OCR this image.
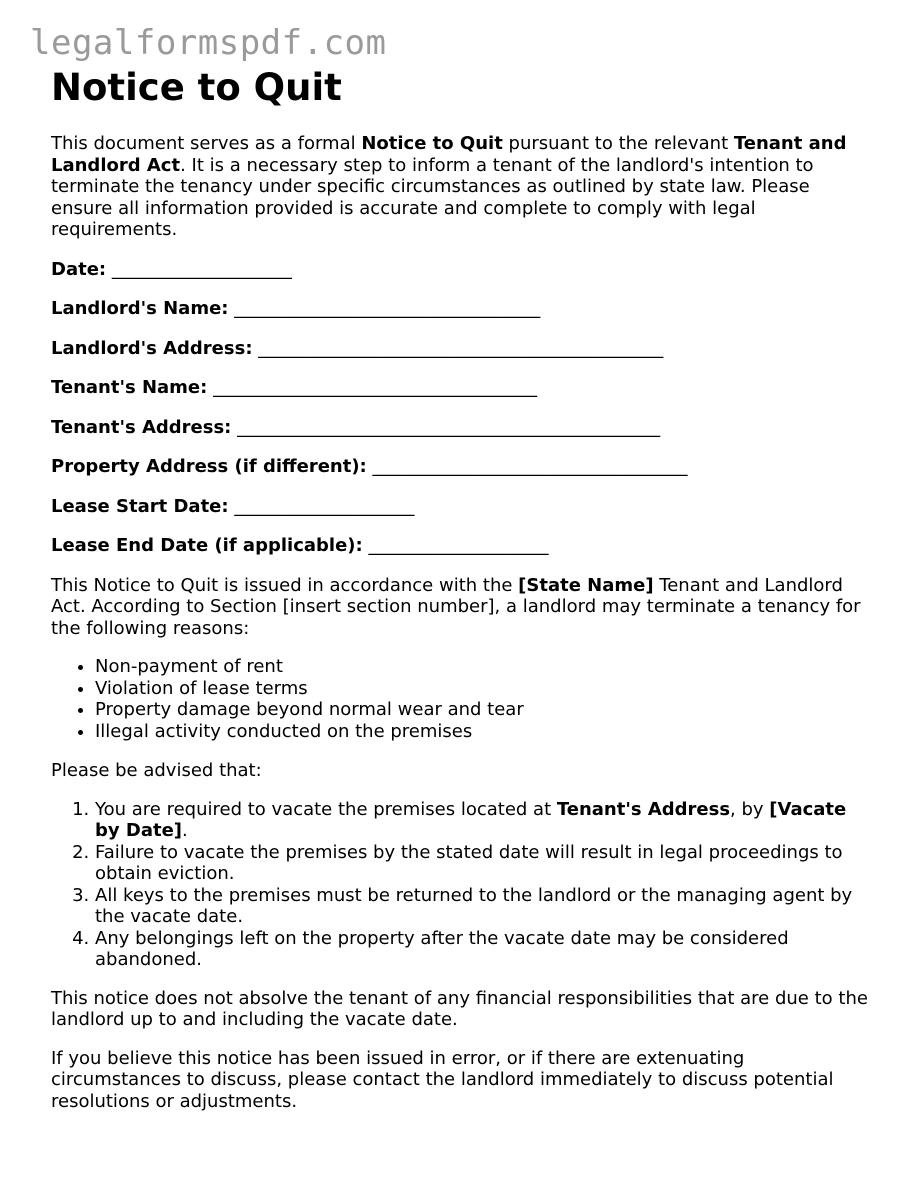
legalformspdf.com
Notice to Quit

This document serves as a formal Notice to Quit pursuant to the relevant Tenant and Landlord Act. It is a necessary step to inform a tenant of the landlord's intention to terminate the tenancy under specific circumstances as outlined by state law. Please ensure all information provided is accurate and complete to comply with legal requirements.

Date: ____________________
Landlord's Name: __________________________________
Landlord's Address: _____________________________________________
Tenant's Name: ____________________________________
Tenant's Address: _______________________________________________
Property Address (if different): ___________________________________
Lease Start Date: ____________________
Lease End Date (if applicable): ____________________

This Notice to Quit is issued in accordance with the [State Name] Tenant and Landlord Act. According to Section [insert section number], a landlord may terminate a tenancy for the following reasons:

• Non-payment of rent
• Violation of lease terms
• Property damage beyond normal wear and tear
• Illegal activity conducted on the premises

Please be advised that:

1. You are required to vacate the premises located at Tenant's Address, by [Vacate by Date].
2. Failure to vacate the premises by the stated date will result in legal proceedings to obtain eviction.
3. All keys to the premises must be returned to the landlord or the managing agent by the vacate date.
4. Any belongings left on the property after the vacate date may be considered abandoned.

This notice does not absolve the tenant of any financial responsibilities that are due to the landlord up to and including the vacate date.

If you believe this notice has been issued in error, or if there are extenuating circumstances to discuss, please contact the landlord immediately to discuss potential resolutions or adjustments.
